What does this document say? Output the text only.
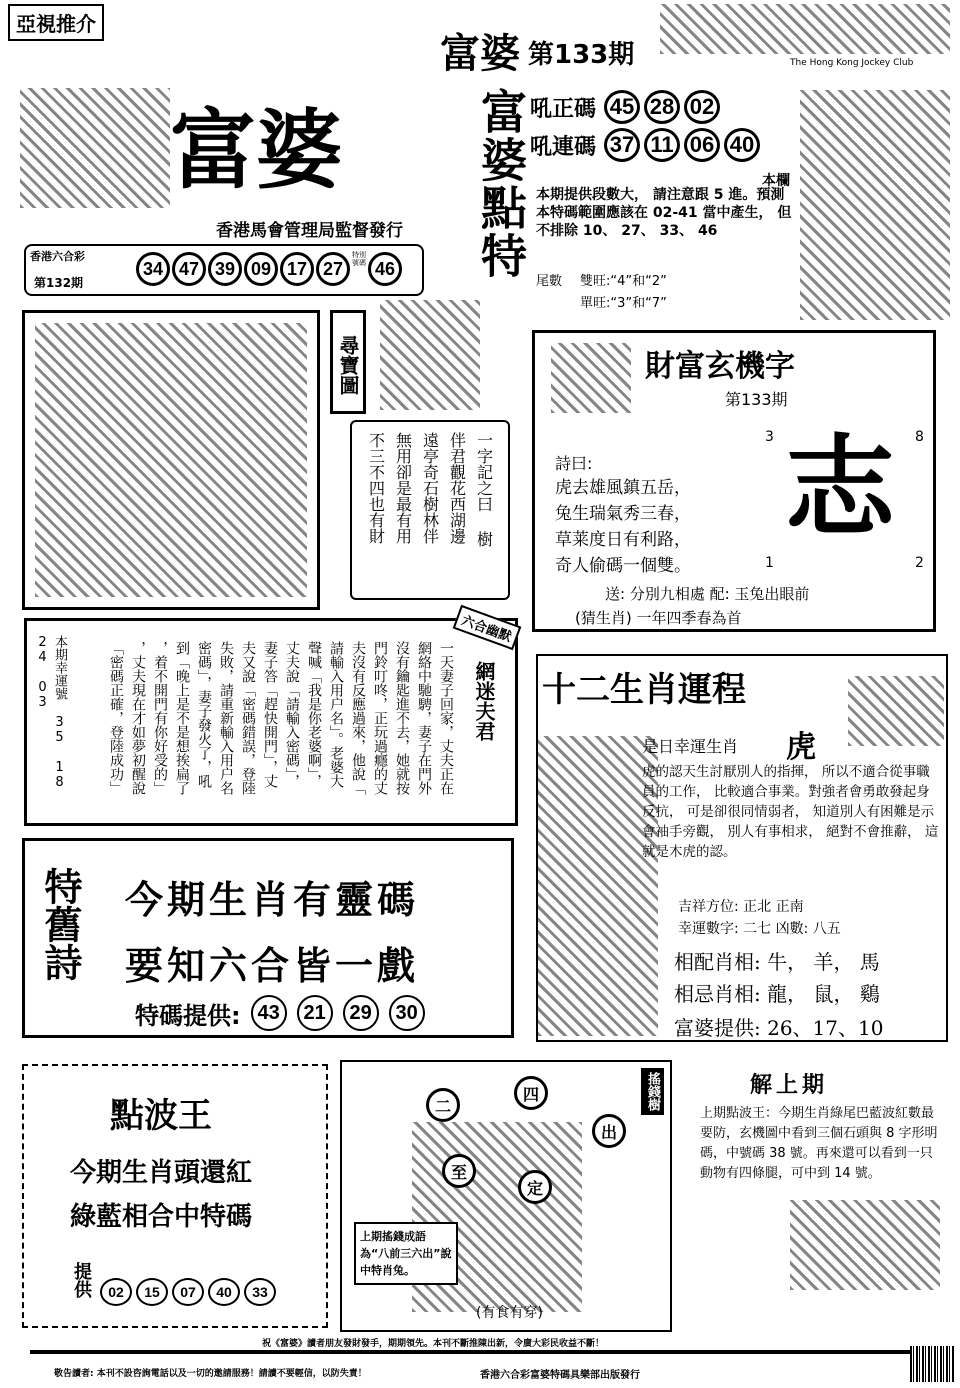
亞視推介
富婆 第133期	The Hong Kong Jockey Club
富婆
香港馬會管理局監督發行
香港六合彩
第132期
34 47 39 09 17 27
特別號碼 46 富婆點特 吼正碼 45 28 02
吼連碼 37 11 06 40
本欄
本期提供段數大， 請注意跟 5 進。預測本特碼範圍應該在 02-41 當中產生， 但不排除 10、 27、 33、 46
尾數 雙旺:“4”和“2”
單旺:“3”和“7”
尋寶圖
一字記之曰 樹
伴君觀花西湖邊
遠亭奇石樹林伴
無用卻是最有用
不三不四也有財
財富玄機字
第133期
3	8
1	2
志
詩曰:
虎去雄風鎮五岳，
兔生瑞氣秀三春，
草莱度日有利路，
奇人偷碼一個雙。
送: 分別九相處 配: 玉兔出眼前
(猜生肖) 一年四季春為首
六合幽默
網迷夫君
一天妻子回家，丈夫正在
網絡中馳騁，妻子在門外
沒有鑰匙進不去，她就按
門鈴叮咚，正玩過癮的丈
夫沒有反應過來，他說「
請輸入用户名」。老婆大
聲喊「我是你老婆啊」，
丈夫說「請輸入密碼」，
妻子答「趕快開門」，丈
夫又說「密碼錯誤，登陸
失敗，請重新輸入用户名
密碼」，妻子發火了，吼
到「晚上是不是想挨扁了
，着不開門有你好受的」
，丈夫現在才如夢初醒說
「密碼正確，登陸成功」
本期幸運號 35 18 24 03	十二生肖運程
是日幸運生肖 虎
虎的認天生討厭別人的指揮， 所以不適合從事職員的工作， 比較適合事業。對強者會勇敢發起身反抗， 可是卻很同情弱者， 知道別人有困難是示會袖手旁觀， 別人有事相求， 絕對不會推辭， 這就是木虎的認。
吉祥方位: 正北 正南
幸運數字: 二七 凶數: 八五
相配肖相: 牛， 羊， 馬
相忌肖相: 龍， 鼠， 鷄
富婆提供: 26、17、10
特舊詩 今期生肖有靈碼
要知六合皆一戲
特碼提供: 43	21	29	30
點波王
今期生肖頭還紅
綠藍相合中特碼
提供	02	15	07	40	33
搖錢樹
二
四
出
至
定
上期搖錢成語為“八前三六出”說中特肖兔。
(有食有穿)
解上期
上期點波王：今期生肖綠尾巴藍波紅數最要防，玄機圖中看到三個石頭與 8 字形明碼，中號碼 38 號。再來還可以看到一只動物有四條腿，可中到 14 號。
祝《富婆》讀者朋友發財發手，期期領先。本刊不斷推陳出新，令廣大彩民收益不斷！
敬告讀者: 本刊不設咨詢電話以及一切的邀請服務！請讀不要輕信，以防失責！	香港六合彩富婆特碼具樂部出版發行
